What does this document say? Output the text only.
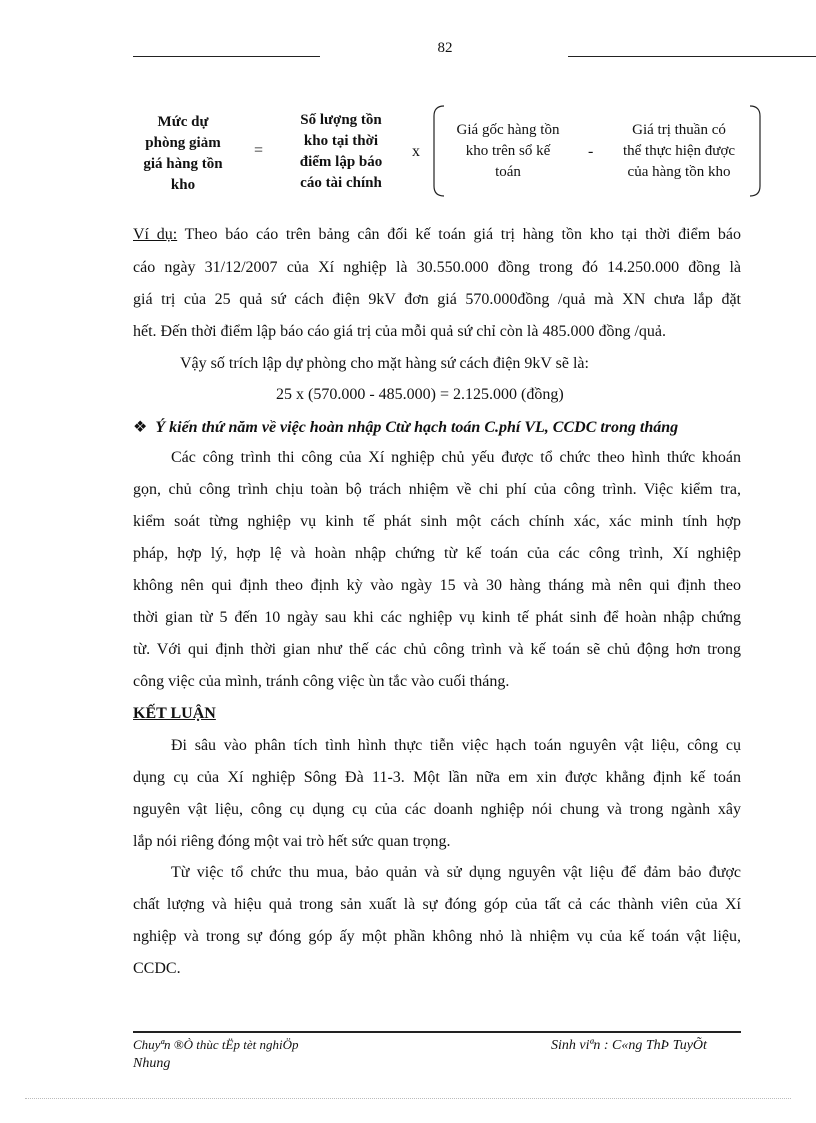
82
Mức dự
phòng giảm
giá hàng tồn
kho
=
Số lượng tồn
kho tại thời
điểm lập báo
cáo tài chính
x
Giá gốc hàng tồn
kho trên sổ kế
toán
-
Giá trị thuần có
thể thực hiện được
của hàng tồn kho
Ví dụ: Theo báo cáo trên bảng cân đối kế toán giá trị hàng tồn kho tại thời điểm báo
cáo ngày 31/12/2007 của Xí nghiệp là 30.550.000 đồng trong đó 14.250.000 đồng là
giá trị của 25 quả sứ cách điện 9kV đơn giá 570.000đồng /quả mà XN chưa lắp đặt
hết. Đến thời điểm lập báo cáo giá trị của mỗi quả sứ chỉ còn là 485.000 đồng /quả.
Vậy số trích lập dự phòng cho mặt hàng sứ cách điện 9kV sẽ là:
25 x (570.000 - 485.000) = 2.125.000 (đồng)
❖ Ý kiến thứ năm về việc hoàn nhập Ctừ hạch toán C.phí VL, CCDC trong tháng
Các công trình thi công của Xí nghiệp chủ yếu được tổ chức theo hình thức khoán
gọn, chủ công trình chịu toàn bộ trách nhiệm về chi phí của công trình. Việc kiểm tra,
kiểm soát từng nghiệp vụ kinh tế phát sinh một cách chính xác, xác minh tính hợp
pháp, hợp lý, hợp lệ và hoàn nhập chứng từ kế toán của các công trình, Xí nghiệp
không nên qui định theo định kỳ vào ngày 15 và 30 hàng tháng mà nên qui định theo
thời gian từ 5 đến 10 ngày sau khi các nghiệp vụ kinh tế phát sinh để hoàn nhập chứng
từ. Với qui định thời gian như thế các chủ công trình và kế toán sẽ chủ động hơn trong
công việc của mình, tránh công việc ùn tắc vào cuối tháng.
KẾT LUẬN
Đi sâu vào phân tích tình hình thực tiễn việc hạch toán nguyên vật liệu, công cụ
dụng cụ của Xí nghiệp Sông Đà 11-3. Một lần nữa em xin được khẳng định kế toán
nguyên vật liệu, công cụ dụng cụ của các doanh nghiệp nói chung và trong ngành xây
lắp nói riêng đóng một vai trò hết sức quan trọng.
Từ việc tổ chức thu mua, bảo quản và sử dụng nguyên vật liệu để đảm bảo được
chất lượng và hiệu quả trong sản xuất là sự đóng góp của tất cả các thành viên của Xí
nghiệp và trong sự đóng góp ấy một phần không nhỏ là nhiệm vụ của kế toán vật liệu,
CCDC.
Chuyªn ®Ò thùc tËp tèt nghiÖp
Nhung
Sinh viªn : C«ng ThÞ TuyÕt
